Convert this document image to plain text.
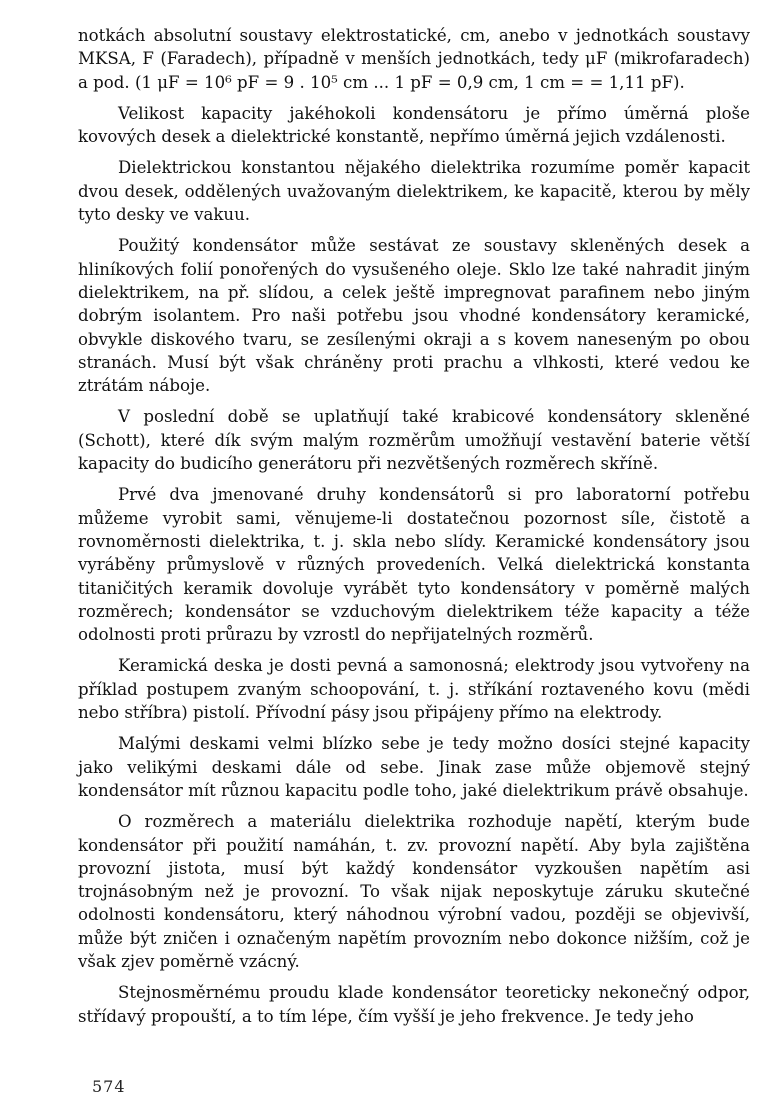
notkách absolutní soustavy elektrostatické, cm, anebo v jednotkách soustavy MKSA, F (Faradech), případně v menších jednotkách, tedy μF (mikrofaradech) a pod. (1 μF = 10⁶ pF = 9 . 10⁵ cm ... 1 pF = 0,9 cm, 1 cm = = 1,11 pF).

Velikost kapacity jakéhokoli kondensátoru je přímo úměrná ploše kovových desek a dielektrické konstantě, nepřímo úměrná jejich vzdálenosti.

Dielektrickou konstantou nějakého dielektrika rozumíme poměr kapacit dvou desek, oddělených uvažovaným dielektrikem, ke kapacitě, kterou by měly tyto desky ve vakuu.

Použitý kondensátor může sestávat ze soustavy skleněných desek a hliníkových folií ponořených do vysušeného oleje. Sklo lze také nahradit jiným dielektrikem, na př. slídou, a celek ještě impregnovat parafinem nebo jiným dobrým isolantem. Pro naši potřebu jsou vhodné kondensátory keramické, obvykle diskového tvaru, se zesílenými okraji a s kovem naneseným po obou stranách. Musí být však chráněny proti prachu a vlhkosti, které vedou ke ztrátám náboje.

V poslední době se uplatňují také krabicové kondensátory skleněné (Schott), které dík svým malým rozměrům umožňují vestavění baterie větší kapacity do budicího generátoru při nezvětšených rozměrech skříně.

Prvé dva jmenované druhy kondensátorů si pro laboratorní potřebu můžeme vyrobit sami, věnujeme-li dostatečnou pozornost síle, čistotě a rovnoměrnosti dielektrika, t. j. skla nebo slídy. Keramické kondensátory jsou vyráběny průmyslově v různých provedeních. Velká dielektrická konstanta titaničitých keramik dovoluje vyrábět tyto kondensátory v poměrně malých rozměrech; kondensátor se vzduchovým dielektrikem téže kapacity a téže odolnosti proti průrazu by vzrostl do nepřijatelných rozměrů.

Keramická deska je dosti pevná a samonosná; elektrody jsou vytvořeny na příklad postupem zvaným schoopování, t. j. stříkání roztaveného kovu (mědi nebo stříbra) pistolí. Přívodní pásy jsou připájeny přímo na elektrody.

Malými deskami velmi blízko sebe je tedy možno dosíci stejné kapacity jako velikými deskami dále od sebe. Jinak zase může objemově stejný kondensátor mít různou kapacitu podle toho, jaké dielektrikum právě obsahuje.

O rozměrech a materiálu dielektrika rozhoduje napětí, kterým bude kondensátor při použití namáhán, t. zv. provozní napětí. Aby byla zajištěna provozní jistota, musí být každý kondensátor vyzkoušen napětím asi trojnásobným než je provozní. To však nijak neposkytuje záruku skutečné odolnosti kondensátoru, který náhodnou výrobní vadou, později se objevivší, může být zničen i označeným napětím provozním nebo dokonce nižším, což je však zjev poměrně vzácný.

Stejnosměrnému proudu klade kondensátor teoreticky nekonečný odpor, střídavý propouští, a to tím lépe, čím vyšší je jeho frekvence. Je tedy jeho

574
